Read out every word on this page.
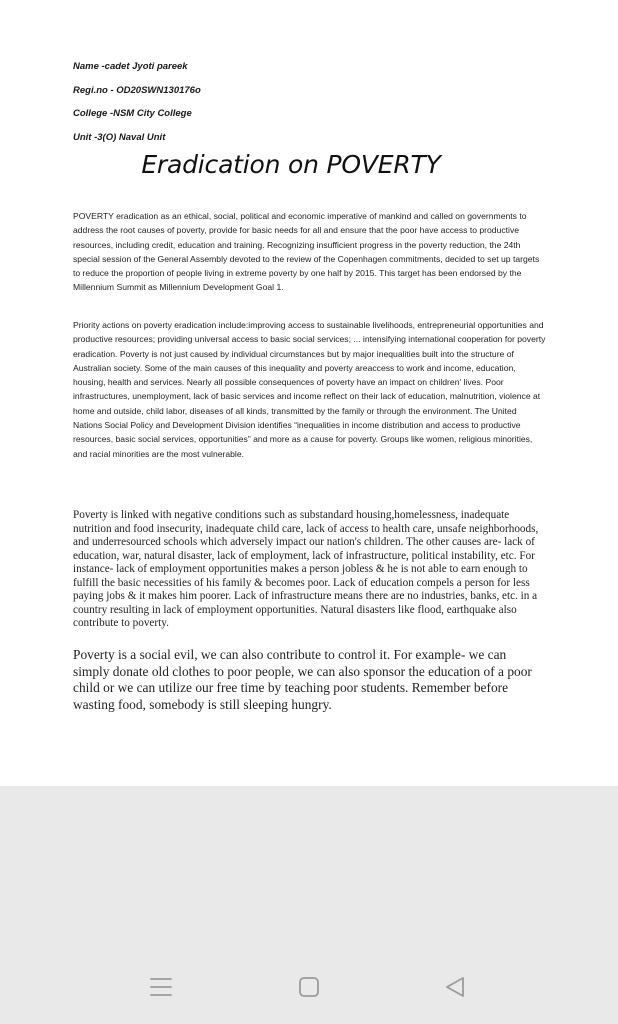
Name -cadet Jyoti pareek
Regi.no - OD20SWN130176o
College -NSM City College
Unit -3(O) Naval Unit
Eradication on POVERTY

POVERTY eradication as an ethical, social, political and economic imperative of mankind and called on governments to address the root causes of poverty, provide for basic needs for all and ensure that the poor have access to productive resources, including credit, education and training. Recognizing insufficient progress in the poverty reduction, the 24th special session of the General Assembly devoted to the review of the Copenhagen commitments, decided to set up targets to reduce the proportion of people living in extreme poverty by one half by 2015. This target has been endorsed by the Millennium Summit as Millennium Development Goal 1.

Priority actions on poverty eradication include:improving access to sustainable livelihoods, entrepreneurial opportunities and productive resources; providing universal access to basic social services; ... intensifying international cooperation for poverty eradication. Poverty is not just caused by individual circumstances but by major inequalities built into the structure of Australian society. Some of the main causes of this inequality and poverty areaccess to work and income, education, housing, health and services. Nearly all possible consequences of poverty have an impact on children' lives. Poor infrastructures, unemployment, lack of basic services and income reflect on their lack of education, malnutrition, violence at home and outside, child labor, diseases of all kinds, transmitted by the family or through the environment. The United Nations Social Policy and Development Division identifies “inequalities in income distribution and access to productive resources, basic social services, opportunities” and more as a cause for poverty. Groups like women, religious minorities, and racial minorities are the most vulnerable.

Poverty is linked with negative conditions such as substandard housing,homelessness, inadequate nutrition and food insecurity, inadequate child care, lack of access to health care, unsafe neighborhoods, and underresourced schools which adversely impact our nation's children. The other causes are- lack of education, war, natural disaster, lack of employment, lack of infrastructure, political instability, etc. For instance- lack of employment opportunities makes a person jobless & he is not able to earn enough to fulfill the basic necessities of his family & becomes poor. Lack of education compels a person for less paying jobs & it makes him poorer. Lack of infrastructure means there are no industries, banks, etc. in a country resulting in lack of employment opportunities. Natural disasters like flood, earthquake also contribute to poverty.

Poverty is a social evil, we can also contribute to control it. For example- we can simply donate old clothes to poor people, we can also sponsor the education of a poor child or we can utilize our free time by teaching poor students. Remember before wasting food, somebody is still sleeping hungry.
